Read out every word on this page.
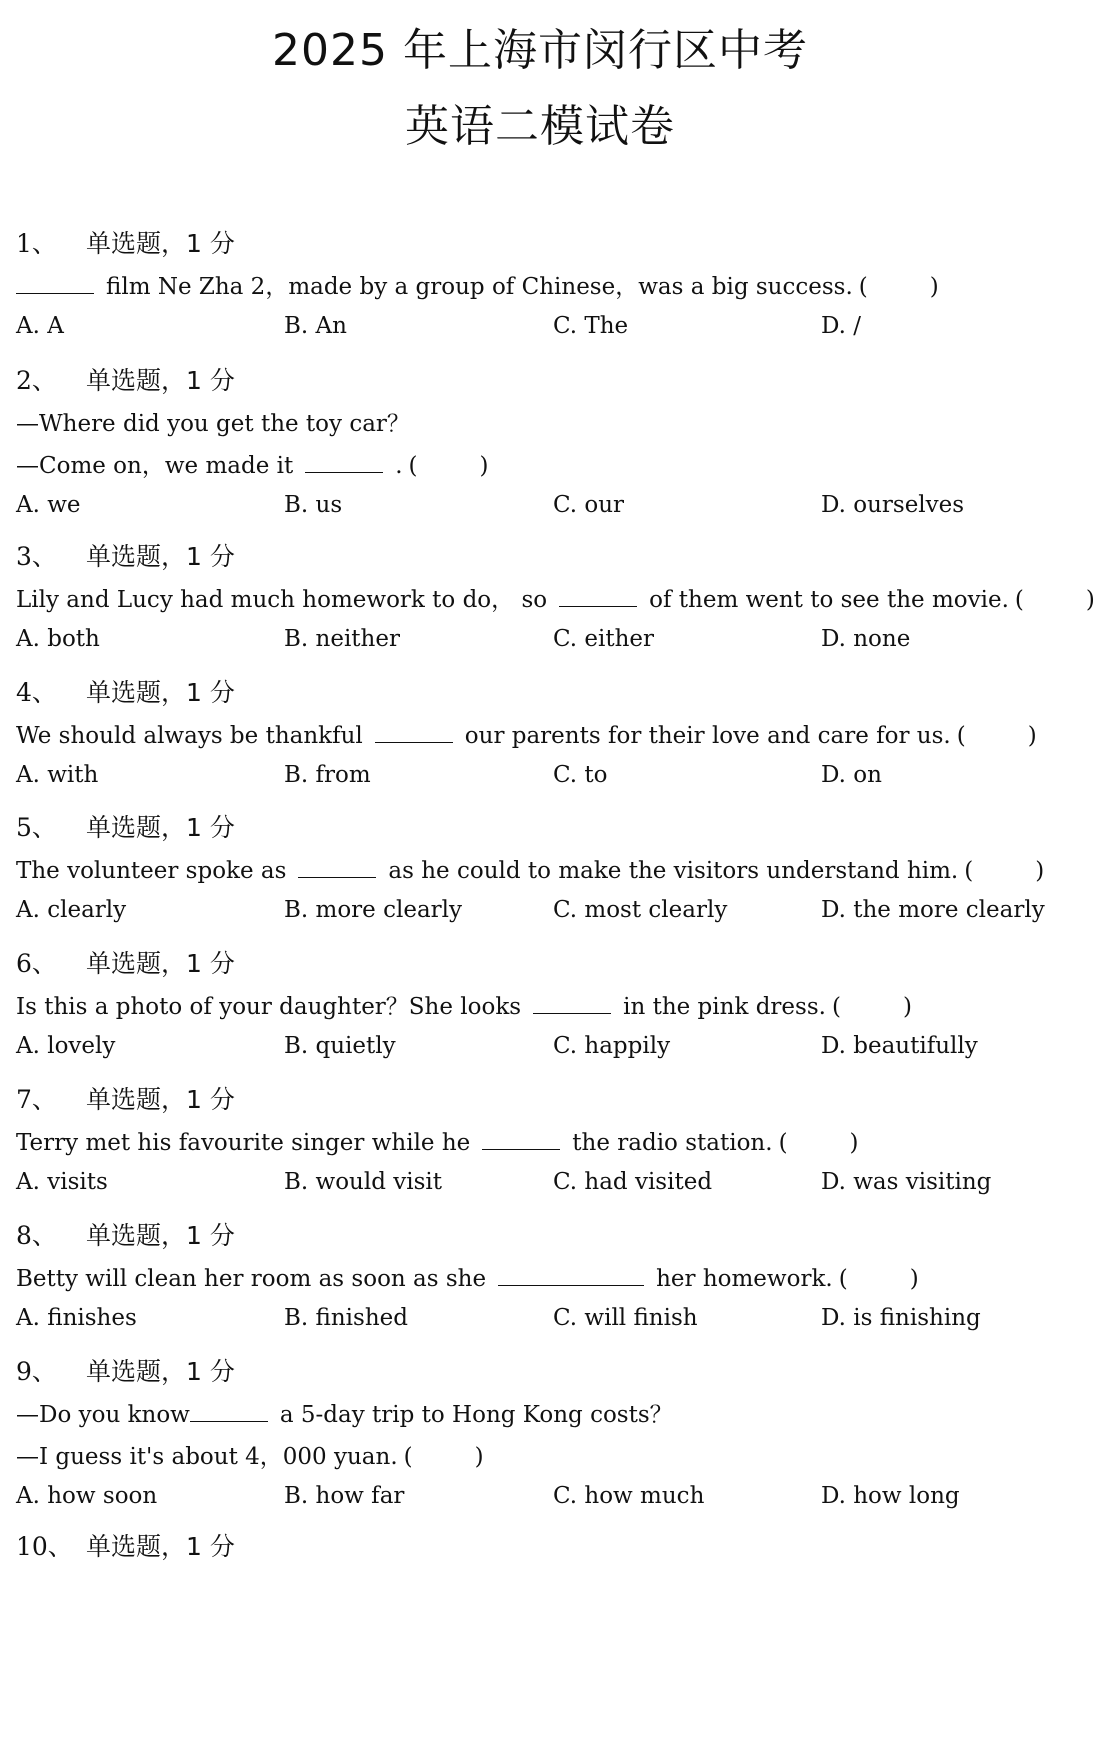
2025 年上海市闵行区中考
英语二模试卷
1、	单选题，1 分
film Ne Zha 2，made by a group of Chinese，was a big success. (	)
A. A	B. An	C. The	D. /
2、	单选题，1 分
—Where did you get the toy car？
—Come on，we made it	. (	)
A. we	B. us	C. our	D. ourselves
3、	单选题，1 分
Lily and Lucy had much homework to do， so	of them went to see the movie. (	)
A. both	B. neither	C. either	D. none
4、	单选题，1 分
We should always be thankful	our parents for their love and care for us. (	)
A. with	B. from	C. to	D. on
5、	单选题，1 分
The volunteer spoke as	as he could to make the visitors understand him. (	)
A. clearly	B. more clearly	C. most clearly	D. the more clearly
6、	单选题，1 分
Is this a photo of your daughter？She looks	in the pink dress. (	)
A. lovely	B. quietly	C. happily	D. beautifully
7、	单选题，1 分
Terry met his favourite singer while he	the radio station. (	)
A. visits	B. would visit	C. had visited	D. was visiting
8、	单选题，1 分
Betty will clean her room as soon as she	her homework. (	)
A. finishes	B. finished	C. will finish	D. is finishing
9、	单选题，1 分
—Do you know	a 5-day trip to Hong Kong costs？
—I guess it's about 4，000 yuan. (	)
A. how soon	B. how far	C. how much	D. how long
10、 单选题，1 分
